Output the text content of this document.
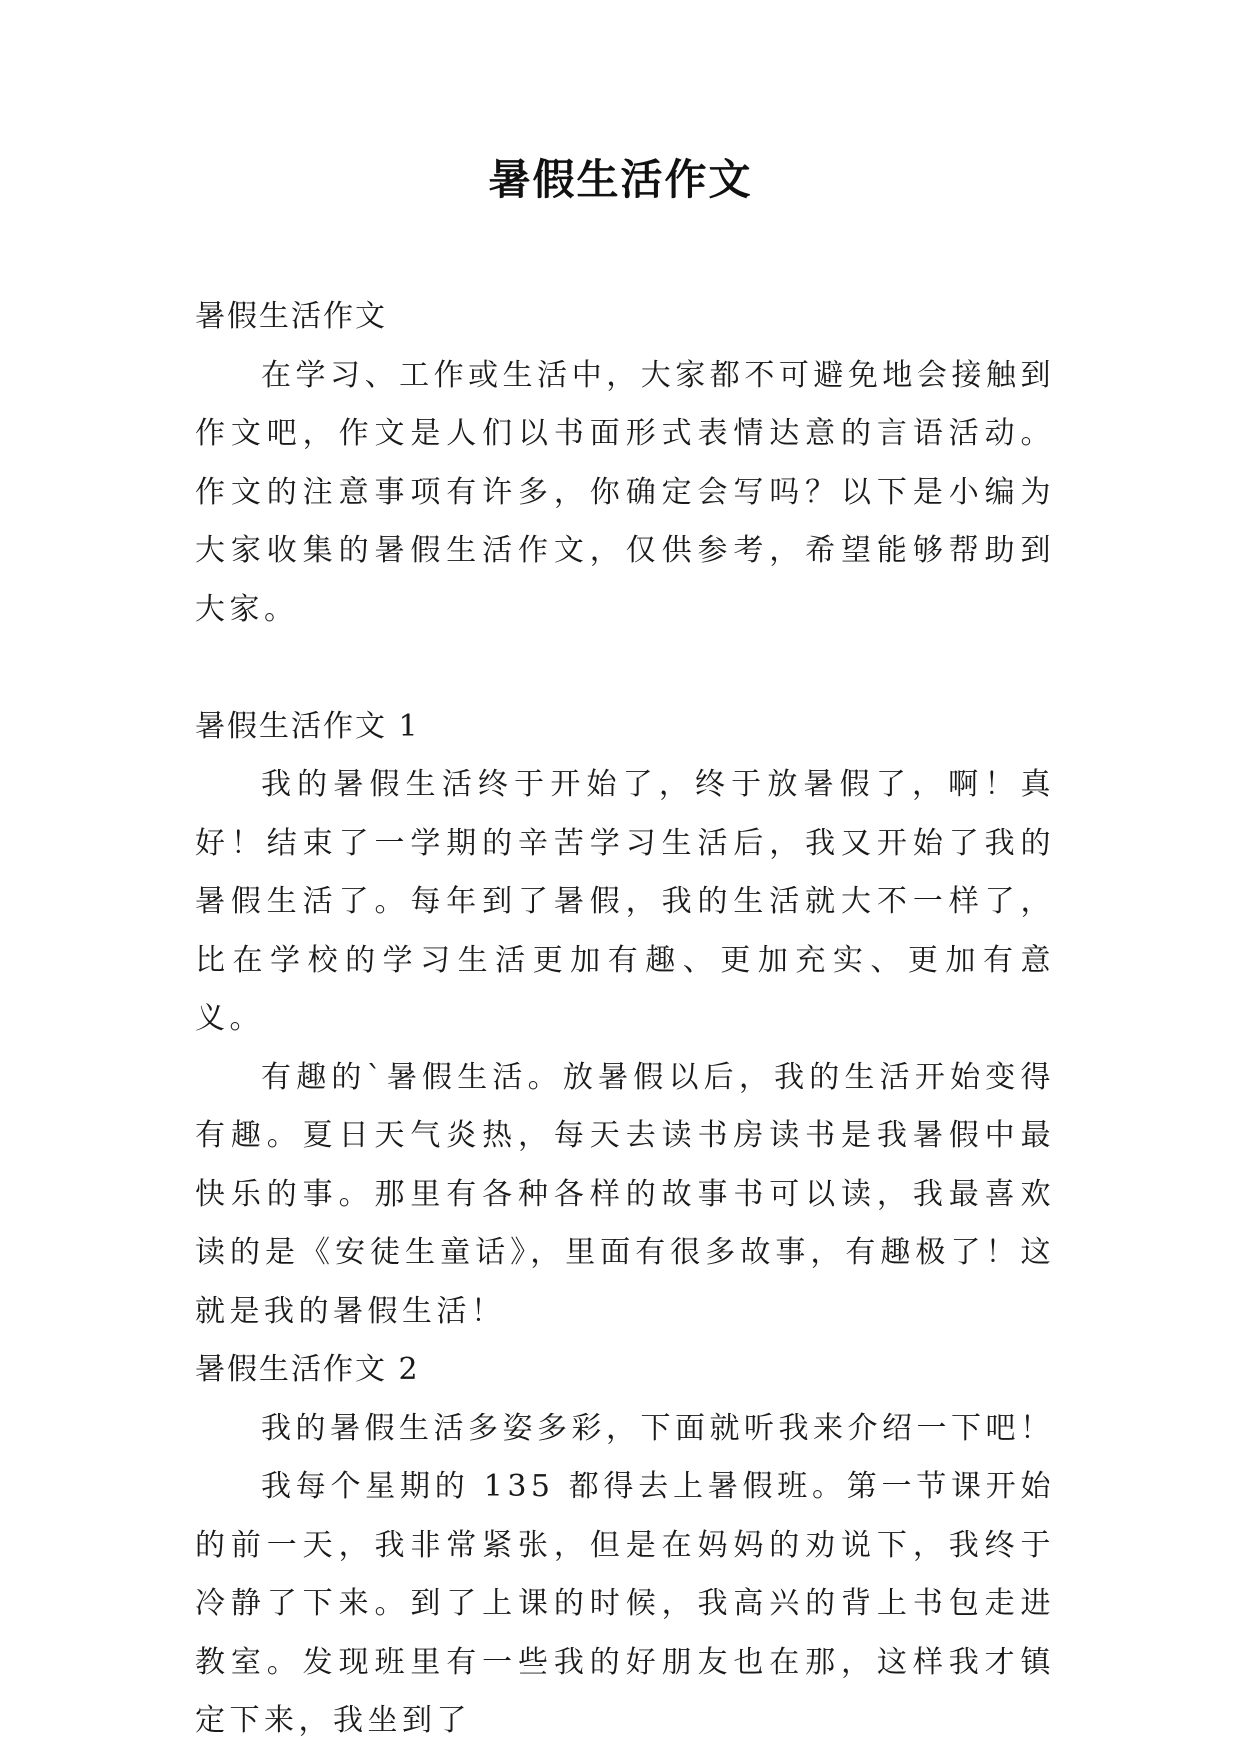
暑假生活作文

暑假生活作文

在学习、工作或生活中，大家都不可避免地会接触到作文吧，作文是人们以书面形式表情达意的言语活动。作文的注意事项有许多，你确定会写吗？以下是小编为大家收集的暑假生活作文，仅供参考，希望能够帮助到大家。

暑假生活作文 1

我的暑假生活终于开始了，终于放暑假了，啊！真好！结束了一学期的辛苦学习生活后，我又开始了我的暑假生活了。每年到了暑假，我的生活就大不一样了，比在学校的学习生活更加有趣、更加充实、更加有意义。

有趣的`暑假生活。放暑假以后，我的生活开始变得有趣。夏日天气炎热，每天去读书房读书是我暑假中最快乐的事。那里有各种各样的故事书可以读，我最喜欢读的是《安徒生童话》，里面有很多故事，有趣极了！这就是我的暑假生活！

暑假生活作文 2

我的暑假生活多姿多彩，下面就听我来介绍一下吧！

我每个星期的 135 都得去上暑假班。第一节课开始的前一天，我非常紧张，但是在妈妈的劝说下，我终于冷静了下来。到了上课的时候，我高兴的背上书包走进教室。发现班里有一些我的好朋友也在那，这样我才镇定下来，我坐到了
